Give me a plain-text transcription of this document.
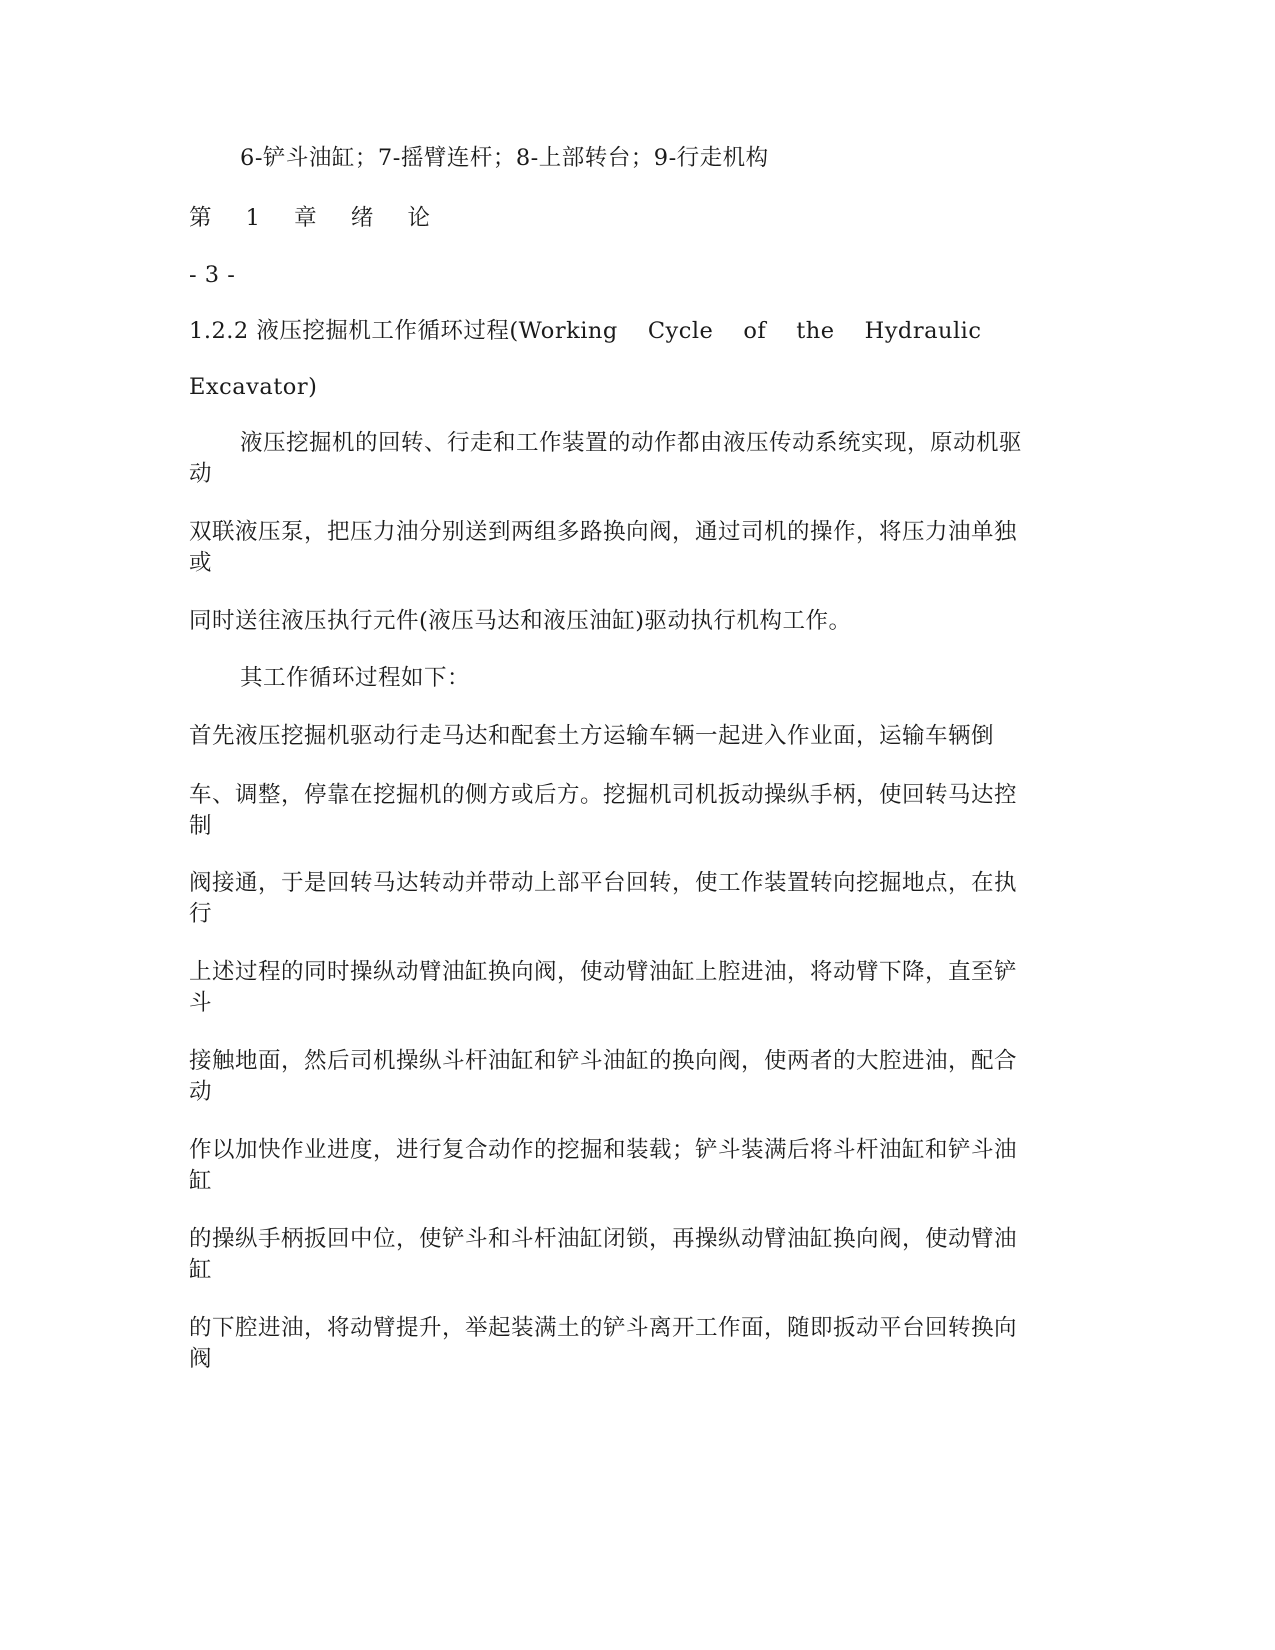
6-铲斗油缸；7-摇臂连杆；8-上部转台；9-行走机构
第 1 章 绪 论
- 3 -
1.2.2 液压挖掘机工作循环过程(Working Cycle of the Hydraulic
Excavator)
液压挖掘机的回转、行走和工作装置的动作都由液压传动系统实现，原动机驱
动
双联液压泵，把压力油分别送到两组多路换向阀，通过司机的操作，将压力油单独
或
同时送往液压执行元件(液压马达和液压油缸)驱动执行机构工作。
其工作循环过程如下：
首先液压挖掘机驱动行走马达和配套土方运输车辆一起进入作业面，运输车辆倒
车、调整，停靠在挖掘机的侧方或后方。挖掘机司机扳动操纵手柄，使回转马达控
制
阀接通，于是回转马达转动并带动上部平台回转，使工作装置转向挖掘地点，在执
行
上述过程的同时操纵动臂油缸换向阀，使动臂油缸上腔进油，将动臂下降，直至铲
斗
接触地面，然后司机操纵斗杆油缸和铲斗油缸的换向阀，使两者的大腔进油，配合
动
作以加快作业进度，进行复合动作的挖掘和装载；铲斗装满后将斗杆油缸和铲斗油
缸
的操纵手柄扳回中位，使铲斗和斗杆油缸闭锁，再操纵动臂油缸换向阀，使动臂油
缸
的下腔进油，将动臂提升，举起装满土的铲斗离开工作面，随即扳动平台回转换向
阀
